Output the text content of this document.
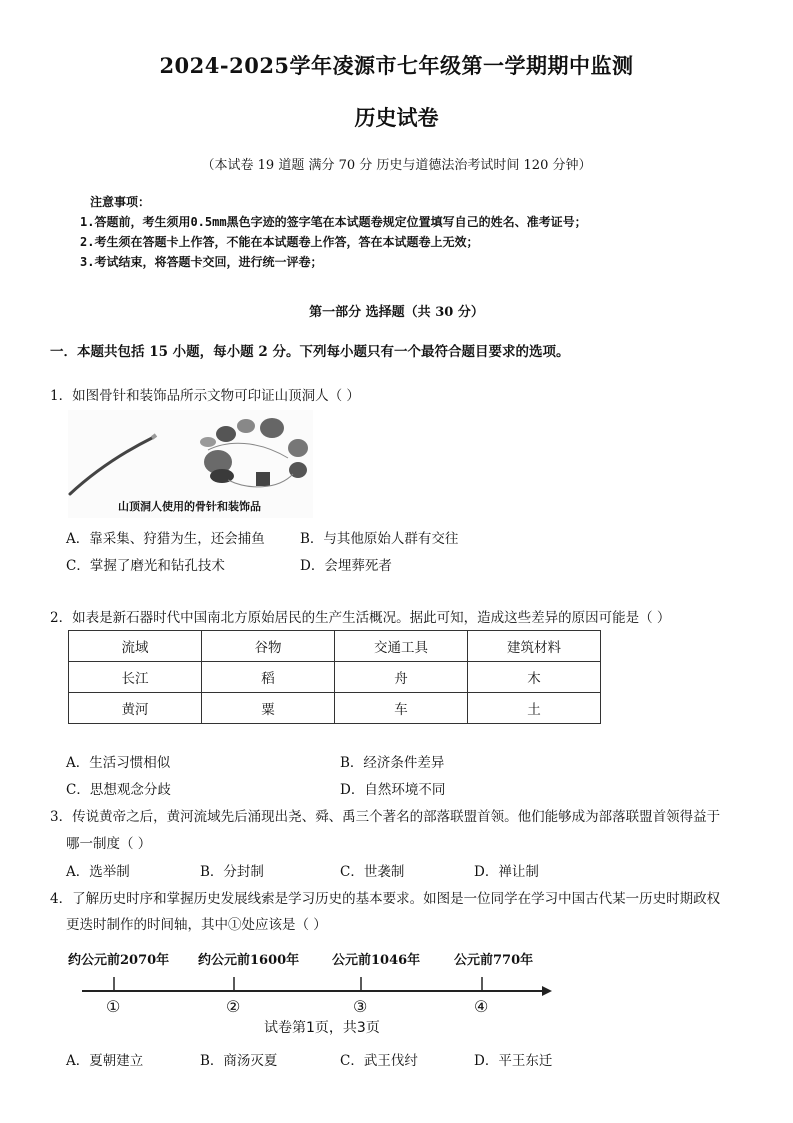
2024-2025学年凌源市七年级第一学期期中监测
历史试卷
（本试卷 19 道题 满分 70 分 历史与道德法治考试时间 120 分钟）
注意事项：
1.答题前，考生须用0.5mm黑色字迹的签字笔在本试题卷规定位置填写自己的姓名、准考证号；
2.考生须在答题卡上作答，不能在本试题卷上作答，答在本试题卷上无效；
3.考试结束，将答题卡交回，进行统一评卷；
第一部分 选择题（共 30 分）
一．本题共包括 15 小题，每小题 2 分。下列每小题只有一个最符合题目要求的选项。
1．如图骨针和装饰品所示文物可印证山顶洞人（ ）
山顶洞人使用的骨针和装饰品
A．靠采集、狩猎为生，还会捕鱼	B．与其他原始人群有交往
C．掌握了磨光和钻孔技术	D．会埋葬死者
2．如表是新石器时代中国南北方原始居民的生产生活概况。据此可知，造成这些差异的原因可能是（ ）
流域	谷物	交通工具	建筑材料
长江	稻	舟	木
黄河	粟	车	土
A．生活习惯相似	B．经济条件差异
C．思想观念分歧	D．自然环境不同
3．传说黄帝之后，黄河流域先后涌现出尧、舜、禹三个著名的部落联盟首领。他们能够成为部落联盟首领得益于
哪一制度（ ）
A．选举制	B．分封制	C．世袭制	D．禅让制
4．了解历史时序和掌握历史发展线索是学习历史的基本要求。如图是一位同学在学习中国古代某一历史时期政权
更迭时制作的时间轴，其中①处应该是（ ）
约公元前2070年 约公元前1600年	公元前1046年	公元前770年
①	②	③	④
试卷第1页，共3页
A．夏朝建立	B．商汤灭夏	C．武王伐纣	D．平王东迁
